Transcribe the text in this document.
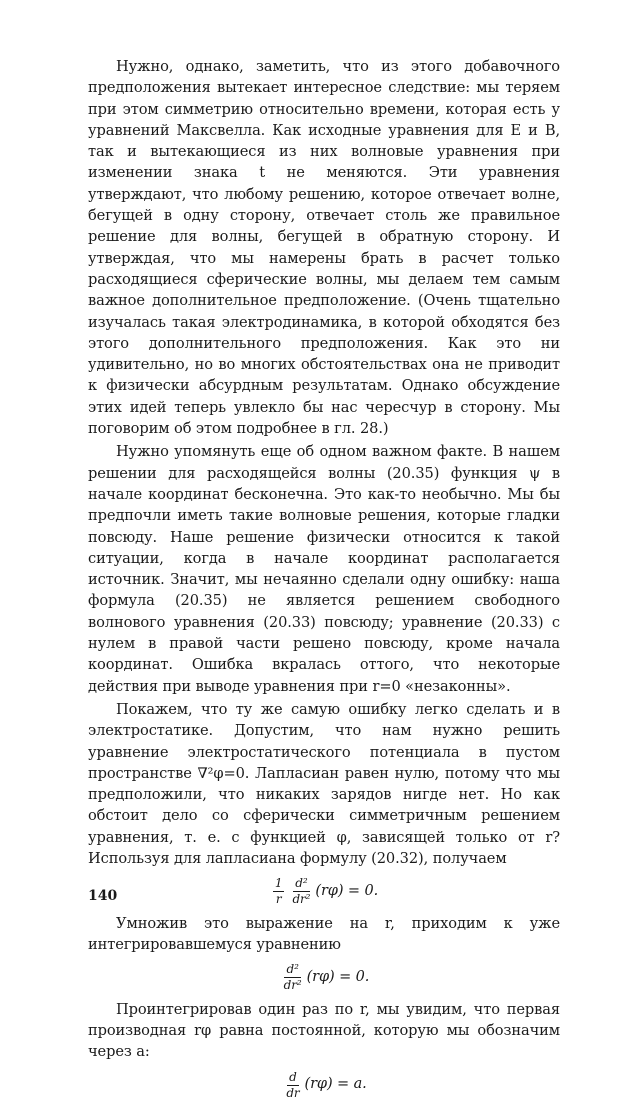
Нужно, однако, заметить, что из этого добавочного предположения вытекает интересное следствие: мы теряем при этом симметрию относительно времени, которая есть у уравнений Максвелла. Как исходные уравнения для E и B, так и вытекающиеся из них волновые уравнения при изменении знака t не меняются. Эти уравнения утверждают, что любому решению, которое отвечает волне, бегущей в одну сторону, отвечает столь же правильное решение для волны, бегущей в обратную сторону. И утверждая, что мы намерены брать в расчет только расходящиеся сферические волны, мы делаем тем самым важное дополнительное предположение. (Очень тщательно изучалась такая электродинамика, в которой обходятся без этого дополнительного предположения. Как это ни удивительно, но во многих обстоятельствах она не приводит к физически абсурдным результатам. Однако обсуждение этих идей теперь увлекло бы нас чересчур в сторону. Мы поговорим об этом подробнее в гл. 28.)

Нужно упомянуть еще об одном важном факте. В нашем решении для расходящейся волны (20.35) функция ψ в начале координат бесконечна. Это как-то необычно. Мы бы предпочли иметь такие волновые решения, которые гладки повсюду. Наше решение физически относится к такой ситуации, когда в начале координат располагается источник. Значит, мы нечаянно сделали одну ошибку: наша формула (20.35) не является решением свободного волнового уравнения (20.33) повсюду; уравнение (20.33) с нулем в правой части решено повсюду, кроме начала координат. Ошибка вкралась оттого, что некоторые действия при выводе уравнения при r=0 «незаконны».

Покажем, что ту же самую ошибку легко сделать и в электростатике. Допустим, что нам нужно решить уравнение электростатического потенциала в пустом пространстве ∇²φ=0. Лапласиан равен нулю, потому что мы предположили, что никаких зарядов нигде нет. Но как обстоит дело со сферически симметричным решением уравнения, т. е. с функцией φ, зависящей только от r? Используя для лапласиана формулу (20.32), получаем

$\frac{1}{r} \frac{\text{d²}}{\text{dr²}} (r\varphi) = 0$.

Умножив это выражение на r, приходим к уже интегрировавшемуся уравнению

$\frac{\text{d²}}{\text{dr²}} (r\varphi) = 0$.

Проинтегрировав один раз по r, мы увидим, что первая производная rφ равна постоянной, которую мы обозначим через a:

$\frac{d}{dr} (r\varphi) = a$.
140
